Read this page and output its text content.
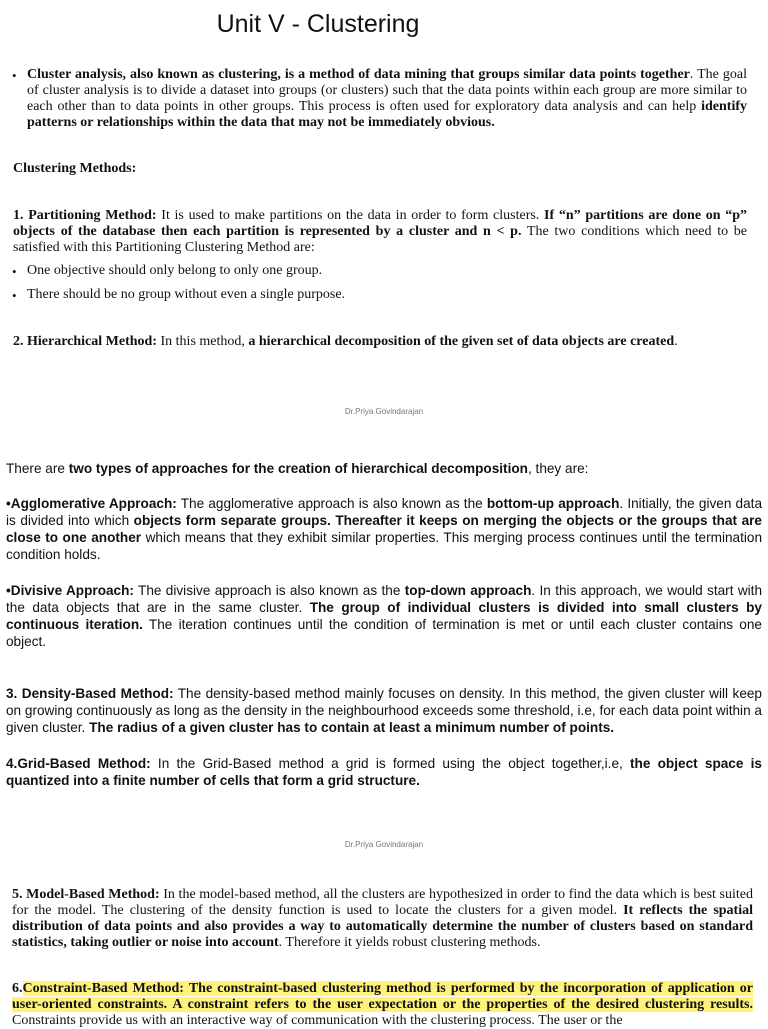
Unit V - Clustering
• Cluster analysis, also known as clustering, is a method of data mining that groups similar data points together. The goal of cluster analysis is to divide a dataset into groups (or clusters) such that the data points within each group are more similar to each other than to data points in other groups. This process is often used for exploratory data analysis and can help identify patterns or relationships within the data that may not be immediately obvious.
Clustering Methods:
1. Partitioning Method: It is used to make partitions on the data in order to form clusters. If “n” partitions are done on “p” objects of the database then each partition is represented by a cluster and n < p. The two conditions which need to be satisfied with this Partitioning Clustering Method are:
• One objective should only belong to only one group.
• There should be no group without even a single purpose.
2. Hierarchical Method: In this method, a hierarchical decomposition of the given set of data objects are created.
Dr.Priya Govindarajan
There are two types of approaches for the creation of hierarchical decomposition, they are:
•Agglomerative Approach: The agglomerative approach is also known as the bottom-up approach. Initially, the given data is divided into which objects form separate groups. Thereafter it keeps on merging the objects or the groups that are close to one another which means that they exhibit similar properties. This merging process continues until the termination condition holds.
•Divisive Approach: The divisive approach is also known as the top-down approach. In this approach, we would start with the data objects that are in the same cluster. The group of individual clusters is divided into small clusters by continuous iteration. The iteration continues until the condition of termination is met or until each cluster contains one object.
3. Density-Based Method: The density-based method mainly focuses on density. In this method, the given cluster will keep on growing continuously as long as the density in the neighbourhood exceeds some threshold, i.e, for each data point within a given cluster. The radius of a given cluster has to contain at least a minimum number of points.
4.Grid-Based Method: In the Grid-Based method a grid is formed using the object together,i.e, the object space is quantized into a finite number of cells that form a grid structure.
Dr.Priya Govindarajan
5. Model-Based Method: In the model-based method, all the clusters are hypothesized in order to find the data which is best suited for the model. The clustering of the density function is used to locate the clusters for a given model. It reflects the spatial distribution of data points and also provides a way to automatically determine the number of clusters based on standard statistics, taking outlier or noise into account. Therefore it yields robust clustering methods.
6.Constraint-Based Method: The constraint-based clustering method is performed by the incorporation of application or user-oriented constraints. A constraint refers to the user expectation or the properties of the desired clustering results. Constraints provide us with an interactive way of communication with the clustering process. The user or the
